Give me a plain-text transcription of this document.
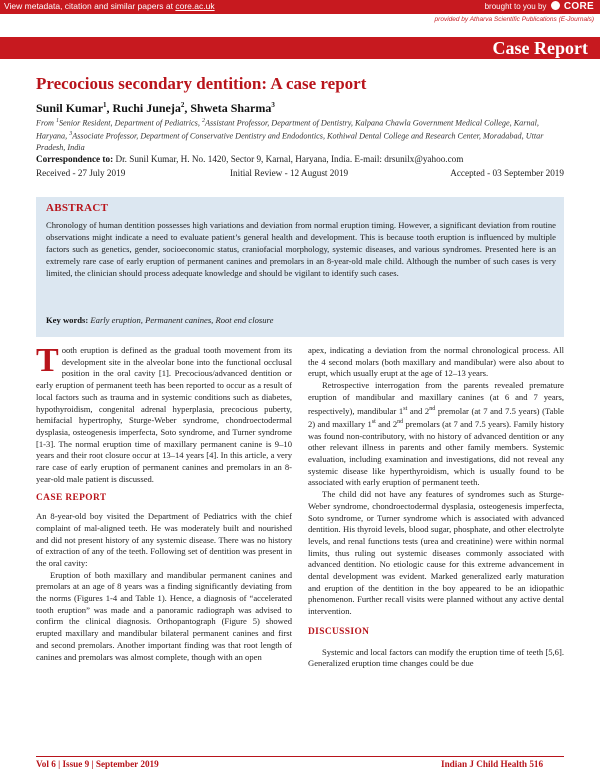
View metadata, citation and similar papers at core.ac.uk	brought to you by CORE
provided by Atharva Scientific Publications (E-Journals)
Case Report
Precocious secondary dentition: A case report
Sunil Kumar$^1$, Ruchi Juneja$^2$, Shweta Sharma$^3$
From $^1$Senior Resident, Department of Pediatrics, $^2$Assistant Professor, Department of Dentistry, Kalpana Chawla Government Medical College, Karnal, Haryana, $^3$Associate Professor, Department of Conservative Dentistry and Endodontics, Kothiwal Dental College and Research Center, Moradabad, Uttar Pradesh, India
Correspondence to: Dr. Sunil Kumar, H. No. 1420, Sector 9, Karnal, Haryana, India. E-mail: drsunilx@yahoo.com
Received - 27 July 2019	Initial Review - 12 August 2019	Accepted - 03 September 2019
ABSTRACT
Chronology of human dentition possesses high variations and deviation from normal eruption timing. However, a significant deviation from routine observations might indicate a need to evaluate patient’s general health and development. This is because tooth eruption is influenced by multiple factors such as genetics, gender, socioeconomic status, craniofacial morphology, systemic diseases, and various syndromes. Presented here is an extremely rare case of early eruption of permanent canines and premolars in an 8-year-old male child. Although the number of such cases is very limited, the clinician should process adequate knowledge and should be vigilant to identify such cases.
Key words: Early eruption, Permanent canines, Root end closure

Tooth eruption is defined as the gradual tooth movement from its development site in the alveolar bone into the functional occlusal position in the oral cavity [1]. Precocious/advanced dentition or early eruption of permanent teeth has been reported to occur as a result of local factors such as trauma and in systemic conditions such as diabetes, hypothyroidism, congenital adrenal hyperplasia, precocious puberty, hemifacial hypertrophy, Sturge-Weber syndrome, chondroectodermal dysplasia, osteogenesis imperfecta, Soto syndrome, and Turner syndrome [1-3]. The normal eruption time of maxillary permanent canine is 9–10 years and their root closure occur at 13–14 years [4]. In this article, a very rare case of early eruption of permanent canines and premolars in an 8-year-old male patient is discussed.

CASE REPORT

An 8-year-old boy visited the Department of Pediatrics with the chief complaint of mal-aligned teeth. He was moderately built and nourished and did not present history of any systemic disease. There was no history of extraction of any of the teeth. Following set of dentition was present in the oral cavity:

Eruption of both maxillary and mandibular permanent canines and premolars at an age of 8 years was a finding significantly deviating from the norms (Figures 1-4 and Table 1). Hence, a diagnosis of “accelerated tooth eruption” was made and a panoramic radiograph was advised to confirm the clinical diagnosis. Orthopantograph (Figure 5) showed erupted maxillary and mandibular bilateral permanent canines and first and second premolars. Another important finding was that root length of canines and premolars was almost complete, though with an open

apex, indicating a deviation from the normal chronological process. All the 4 second molars (both maxillary and mandibular) were also about to erupt, which usually erupt at the age of 12–13 years.

Retrospective interrogation from the parents revealed premature eruption of mandibular and maxillary canines (at 6 and 7 years, respectively), mandibular 1st and 2nd premolar (at 7 and 7.5 years) (Table 2) and maxillary 1st and 2nd premolars (at 7 and 7.5 years). Family history was found non-contributory, with no history of advanced dentition or any other relevant illness in parents and other family members. Systemic evaluation, including examination and investigations, did not reveal any systemic disease like hyperthyroidism, which is usually found to be associated with early eruption of permanent teeth.

The child did not have any features of syndromes such as Sturge-Weber syndrome, chondroectodermal dysplasia, osteogenesis imperfecta, Soto syndrome, or Turner syndrome which is associated with advanced dentition. His thyroid levels, blood sugar, phosphate, and other electrolyte levels, and renal functions tests (urea and creatinine) were within normal limits, thus ruling out systemic diseases commonly associated with advanced dentition. No etiologic cause for this extreme advancement in dental development was evident. Marked generalized early maturation and eruption of the dentition in the boy appeared to be an idiopathic phenomenon. Further recall visits were planned without any active dental intervention.

DISCUSSION

Systemic and local factors can modify the eruption time of teeth [5,6]. Generalized eruption time changes could be due

Vol 6 | Issue 9 | September 2019	Indian J Child Health 516
